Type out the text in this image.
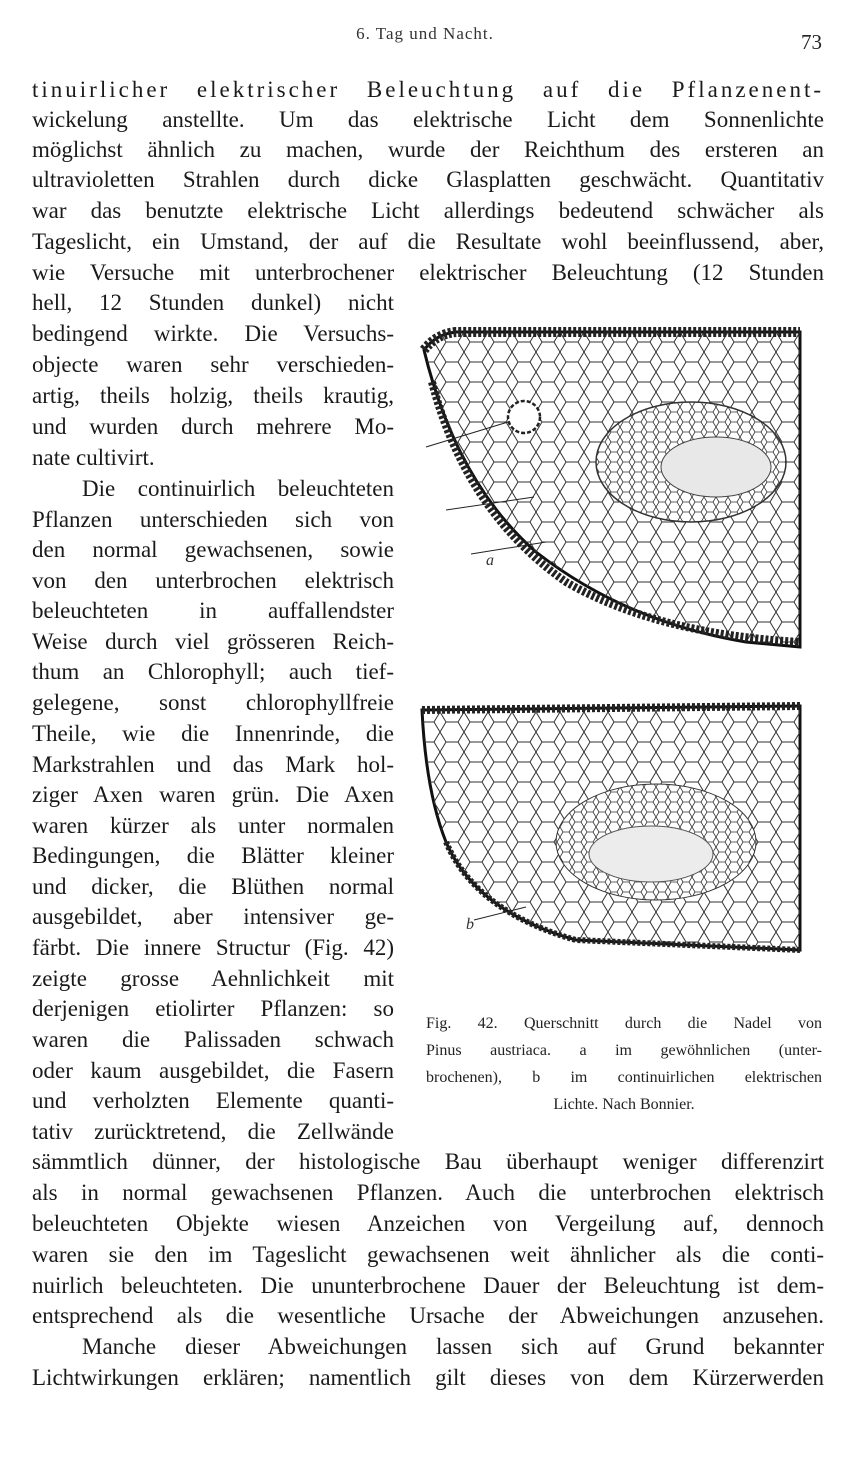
6. Tag und Nacht.	73
tinuirlicher elektrischer Beleuchtung auf die Pflanzenent-
wickelung anstellte. Um das elektrische Licht dem Sonnenlichte
möglichst ähnlich zu machen, wurde der Reichthum des ersteren an
ultravioletten Strahlen durch dicke Glasplatten geschwächt. Quantitativ
war das benutzte elektrische Licht allerdings bedeutend schwächer als
Tageslicht, ein Umstand, der auf die Resultate wohl beeinflussend, aber,
wie Versuche mit unterbrochener elektrischer Beleuchtung (12 Stunden
hell, 12 Stunden dunkel) nicht
bedingend wirkte. Die Versuchs-
objecte waren sehr verschieden-
artig, theils holzig, theils krautig,
und wurden durch mehrere Mo-
nate cultivirt.
Die continuirlich beleuchteten
Pflanzen unterschieden sich von
den normal gewachsenen, sowie
von den unterbrochen elektrisch
beleuchteten in auffallendster
Weise durch viel grösseren Reich-
thum an Chlorophyll; auch tief-
gelegene, sonst chlorophyllfreie
Theile, wie die Innenrinde, die
Markstrahlen und das Mark hol-
ziger Axen waren grün. Die Axen
waren kürzer als unter normalen
Bedingungen, die Blätter kleiner
und dicker, die Blüthen normal
ausgebildet, aber intensiver ge-
färbt. Die innere Structur (Fig. 42)
zeigte grosse Aehnlichkeit mit
derjenigen etiolirter Pflanzen: so
waren die Palissaden schwach
oder kaum ausgebildet, die Fasern
und verholzten Elemente quanti-
tativ zurücktretend, die Zellwände
sämmtlich dünner, der histologische Bau überhaupt weniger differenzirt
als in normal gewachsenen Pflanzen. Auch die unterbrochen elektrisch
beleuchteten Objekte wiesen Anzeichen von Vergeilung auf, dennoch
waren sie den im Tageslicht gewachsenen weit ähnlicher als die conti-
nuirlich beleuchteten. Die ununterbrochene Dauer der Beleuchtung ist dem-
entsprechend als die wesentliche Ursache der Abweichungen anzusehen.
Manche dieser Abweichungen lassen sich auf Grund bekannter
Lichtwirkungen erklären; namentlich gilt dieses von dem Kürzerwerden
a
b
Fig. 42. Querschnitt durch die Nadel von
Pinus austriaca. a im gewöhnlichen (unter-
brochenen), b im continuirlichen elektrischen
Lichte. Nach Bonnier.
